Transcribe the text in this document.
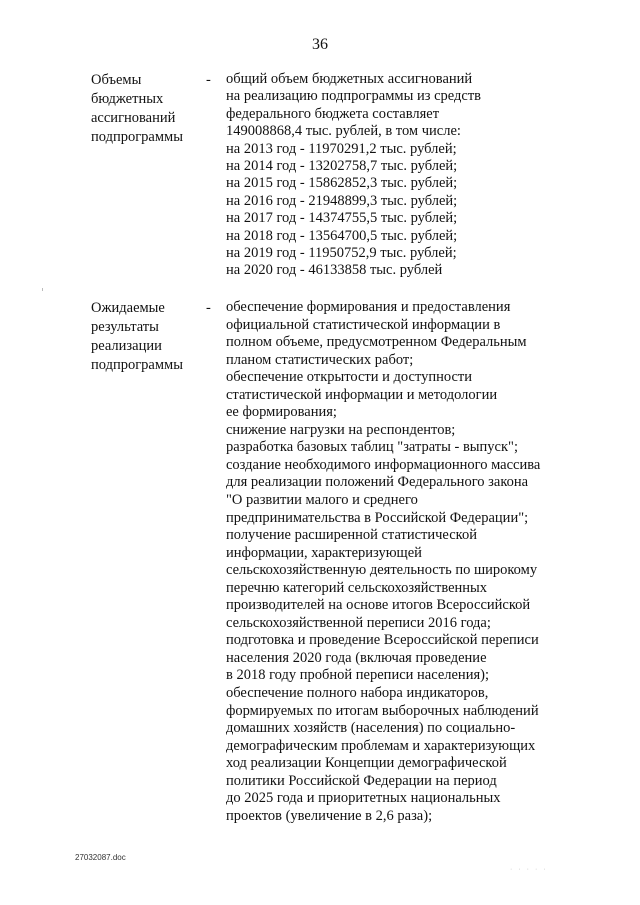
36
Объемы
бюджетных
ассигнований
подпрограммы
- общий объем бюджетных ассигнований
на реализацию подпрограммы из средств
федерального бюджета составляет
149008868,4 тыс. рублей, в том числе:
на 2013 год - 11970291,2 тыс. рублей;
на 2014 год - 13202758,7 тыс. рублей;
на 2015 год - 15862852,3 тыс. рублей;
на 2016 год - 21948899,3 тыс. рублей;
на 2017 год - 14374755,5 тыс. рублей;
на 2018 год - 13564700,5 тыс. рублей;
на 2019 год - 11950752,9 тыс. рублей;
на 2020 год - 46133858 тыс. рублей
Ожидаемые
результаты
реализации
подпрограммы
- обеспечение формирования и предоставления
официальной статистической информации в
полном объеме, предусмотренном Федеральным
планом статистических работ;
обеспечение открытости и доступности
статистической информации и методологии
ее формирования;
снижение нагрузки на респондентов;
разработка базовых таблиц "затраты - выпуск";
создание необходимого информационного массива
для реализации положений Федерального закона
"О развитии малого и среднего
предпринимательства в Российской Федерации";
получение расширенной статистической
информации, характеризующей
сельскохозяйственную деятельность по широкому
перечню категорий сельскохозяйственных
производителей на основе итогов Всероссийской
сельскохозяйственной переписи 2016 года;
подготовка и проведение Всероссийской переписи
населения 2020 года (включая проведение
в 2018 году пробной переписи населения);
обеспечение полного набора индикаторов,
формируемых по итогам выборочных наблюдений
домашних хозяйств (населения) по социально-
демографическим проблемам и характеризующих
ход реализации Концепции демографической
политики Российской Федерации на период
до 2025 года и приоритетных национальных
проектов (увеличение в 2,6 раза);
27032087.doc
·····
